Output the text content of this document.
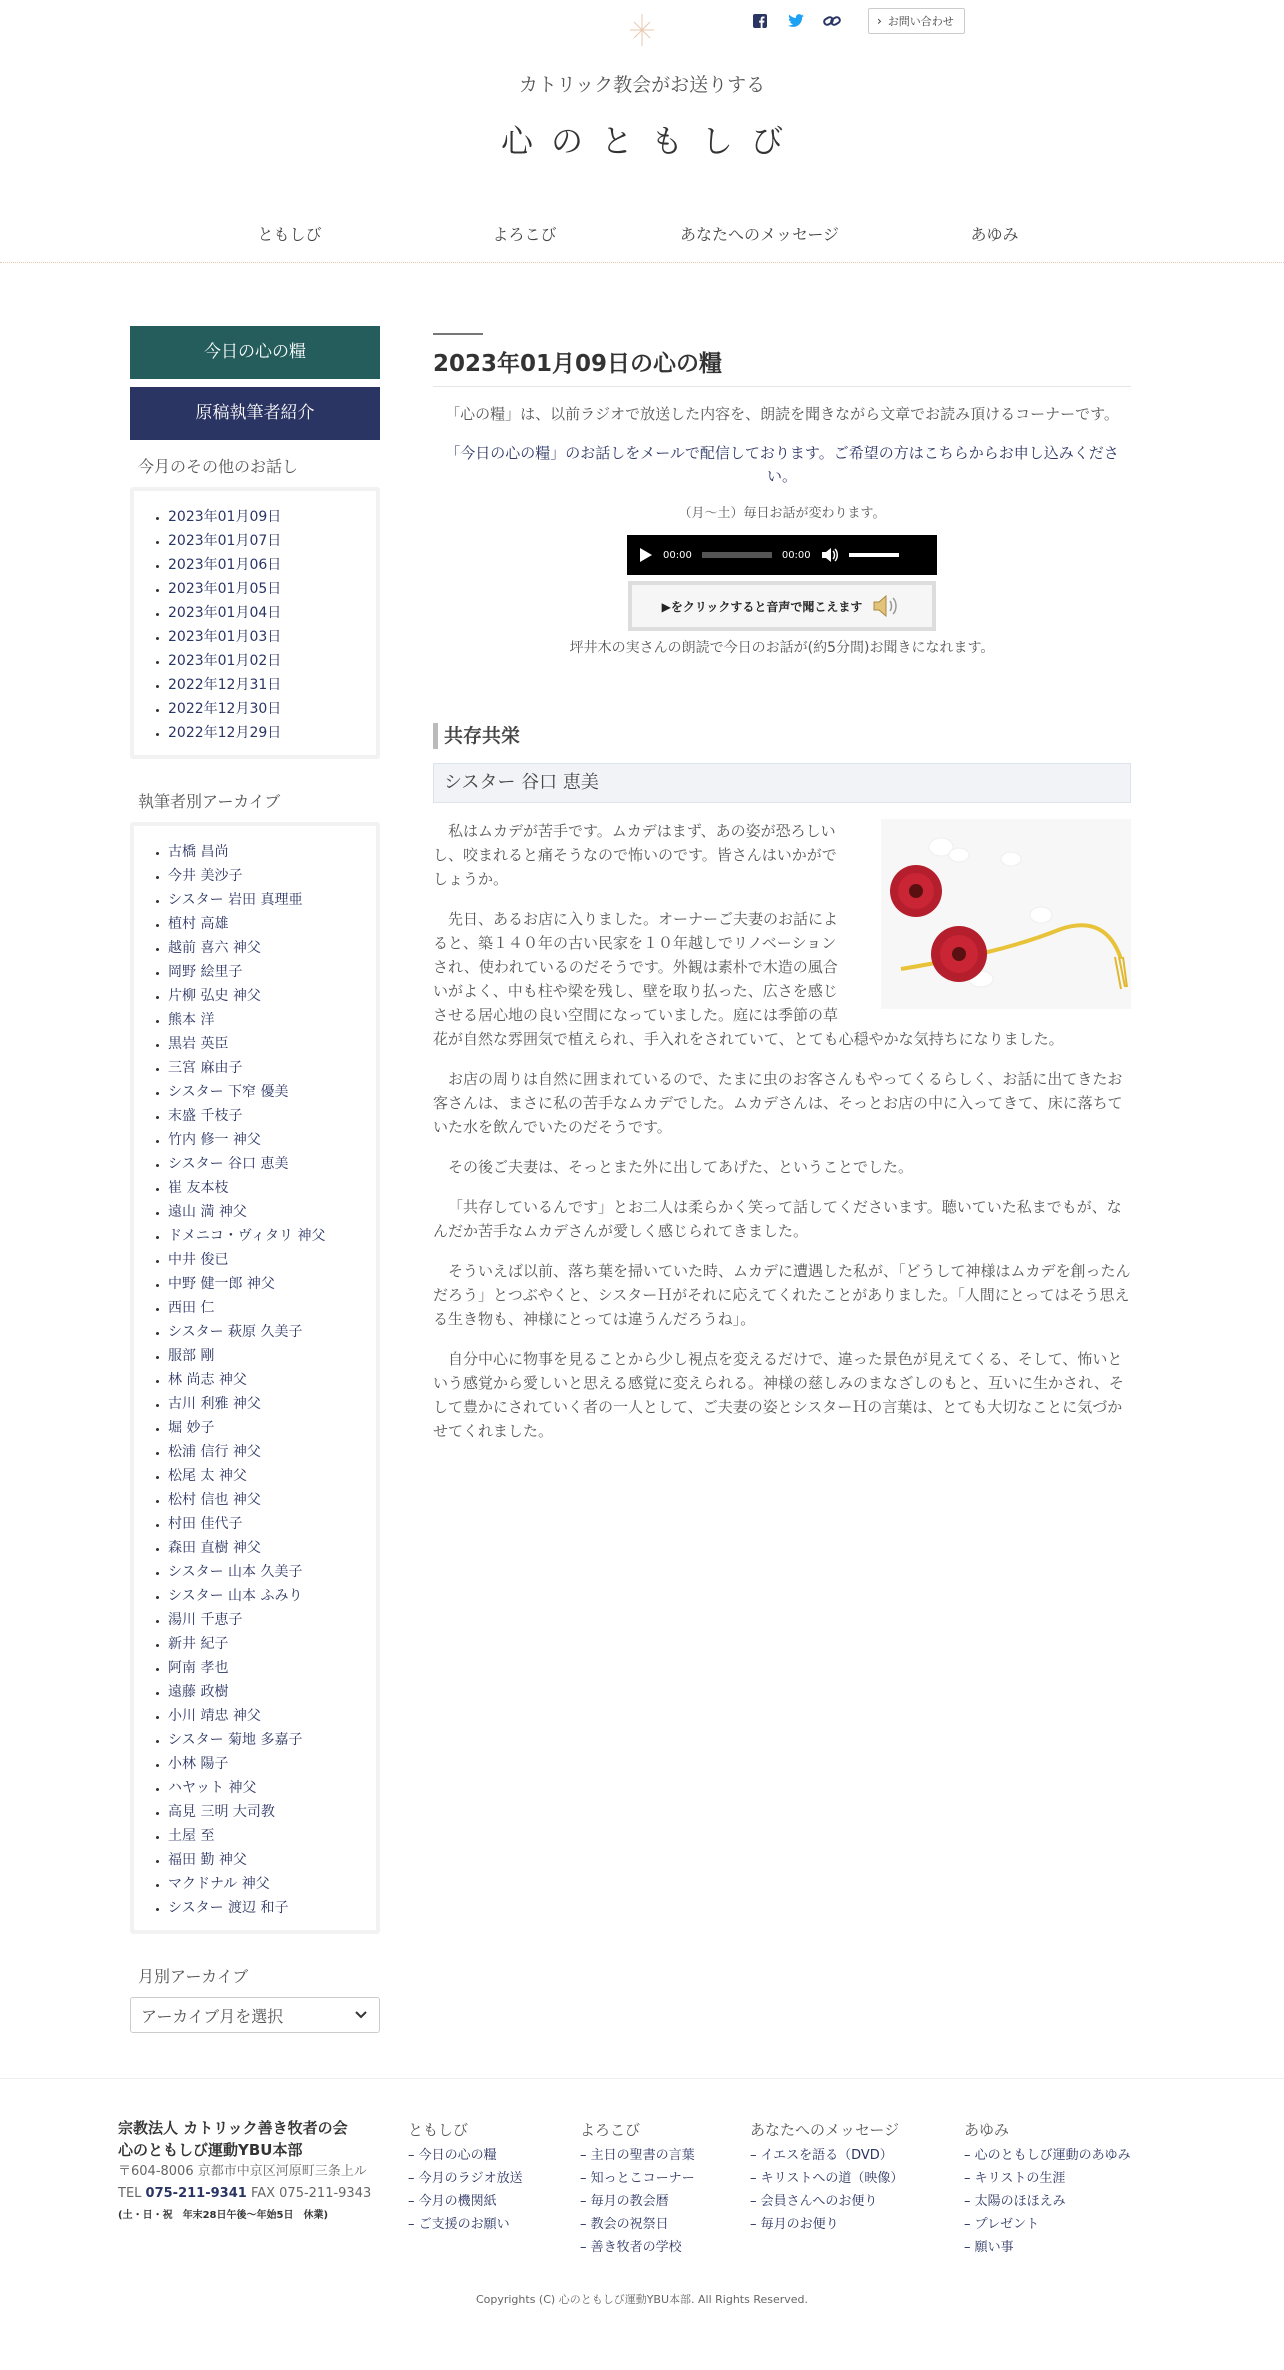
› お問い合わせ
カトリック教会がお送りする
心のともしび
ともしび	よろこび	あなたへのメッセージ	あゆみ
今日の心の糧
原稿執筆者紹介
今月のその他のお話し
• 2023年01月09日
• 2023年01月07日
• 2023年01月06日
• 2023年01月05日
• 2023年01月04日
• 2023年01月03日
• 2023年01月02日
• 2022年12月31日
• 2022年12月30日
• 2022年12月29日
執筆者別アーカイブ
• 古橋 昌尚
• 今井 美沙子
• シスター 岩田 真理亜
• 植村 高雄
• 越前 喜六 神父
• 岡野 絵里子
• 片柳 弘史 神父
• 熊本 洋
• 黒岩 英臣
• 三宮 麻由子
• シスター 下窄 優美
• 末盛 千枝子
• 竹内 修一 神父
• シスター 谷口 恵美
• 崔 友本枝
• 遠山 満 神父
• ドメニコ・ヴィタリ 神父
• 中井 俊已
• 中野 健一郎 神父
• 西田 仁
• シスター 萩原 久美子
• 服部 剛
• 林 尚志 神父
• 古川 利雅 神父
• 堀 妙子
• 松浦 信行 神父
• 松尾 太 神父
• 松村 信也 神父
• 村田 佳代子
• 森田 直樹 神父
• シスター 山本 久美子
• シスター 山本 ふみり
• 湯川 千恵子
• 新井 紀子
• 阿南 孝也
• 遠藤 政樹
• 小川 靖忠 神父
• シスター 菊地 多嘉子
• 小林 陽子
• ハヤット 神父
• 高見 三明 大司教
• 土屋 至
• 福田 勤 神父
• マクドナル 神父
• シスター 渡辺 和子
月別アーカイブ
アーカイブ月を選択
2023年01月09日の心の糧

「心の糧」は、以前ラジオで放送した内容を、朗読を聞きながら文章でお読み頂けるコーナーです。

「今日の心の糧」のお話しをメールで配信しております。ご希望の方はこちらからお申し込みください。

（月～土）毎日お話が変わります。

00:00	00:00
▶をクリックすると音声で聞こえます

坪井木の実さんの朗読で今日のお話が(約5分間)お聞きになれます。

共存共栄
シスター 谷口 恵美

私はムカデが苦手です。ムカデはまず、あの姿が恐ろしいし、咬まれると痛そうなので怖いのです。皆さんはいかがでしょうか。

先日、あるお店に入りました。オーナーご夫妻のお話によると、築１４０年の古い民家を１０年越しでリノベーションされ、使われているのだそうです。外観は素朴で木造の風合いがよく、中も柱や梁を残し、壁を取り払った、広さを感じさせる居心地の良い空間になっていました。庭には季節の草花が自然な雰囲気で植えられ、手入れをされていて、とても心穏やかな気持ちになりました。

お店の周りは自然に囲まれているので、たまに虫のお客さんもやってくるらしく、お話に出てきたお客さんは、まさに私の苦手なムカデでした。ムカデさんは、そっとお店の中に入ってきて、床に落ちていた水を飲んでいたのだそうです。

その後ご夫妻は、そっとまた外に出してあげた、ということでした。

「共存しているんです」とお二人は柔らかく笑って話してくださいます。聴いていた私までもが、なんだか苦手なムカデさんが愛しく感じられてきました。

そういえば以前、落ち葉を掃いていた時、ムカデに遭遇した私が、「どうして神様はムカデを創ったんだろう」とつぶやくと、シスターＨがそれに応えてくれたことがありました。「人間にとってはそう思える生き物も、神様にとっては違うんだろうね」。

自分中心に物事を見ることから少し視点を変えるだけで、違った景色が見えてくる、そして、怖いという感覚から愛しいと思える感覚に変えられる。神様の慈しみのまなざしのもと、互いに生かされ、そして豊かにされていく者の一人として、ご夫妻の姿とシスターＨの言葉は、とても大切なことに気づかせてくれました。

宗教法人 カトリック善き牧者の会
心のともしび運動YBU本部
〒604-8006 京都市中京区河原町三条上ル
TEL 075-211-9341 FAX 075-211-9343
(土・日・祝　年末28日午後〜年始5日　休業)
ともしび
– 今日の心の糧
– 今月のラジオ放送
– 今月の機関紙
– ご支援のお願い
よろこび
– 主日の聖書の言葉
– 知っとこコーナー
– 毎月の教会暦
– 教会の祝祭日
– 善き牧者の学校
あなたへのメッセージ
– イエスを語る（DVD）
– キリストへの道（映像）
– 会員さんへのお便り
– 毎月のお便り
あゆみ
– 心のともしび運動のあゆみ
– キリストの生涯
– 太陽のほほえみ
– プレゼント
– 願い事
Copyrights (C) 心のともしび運動YBU本部. All Rights Reserved.
